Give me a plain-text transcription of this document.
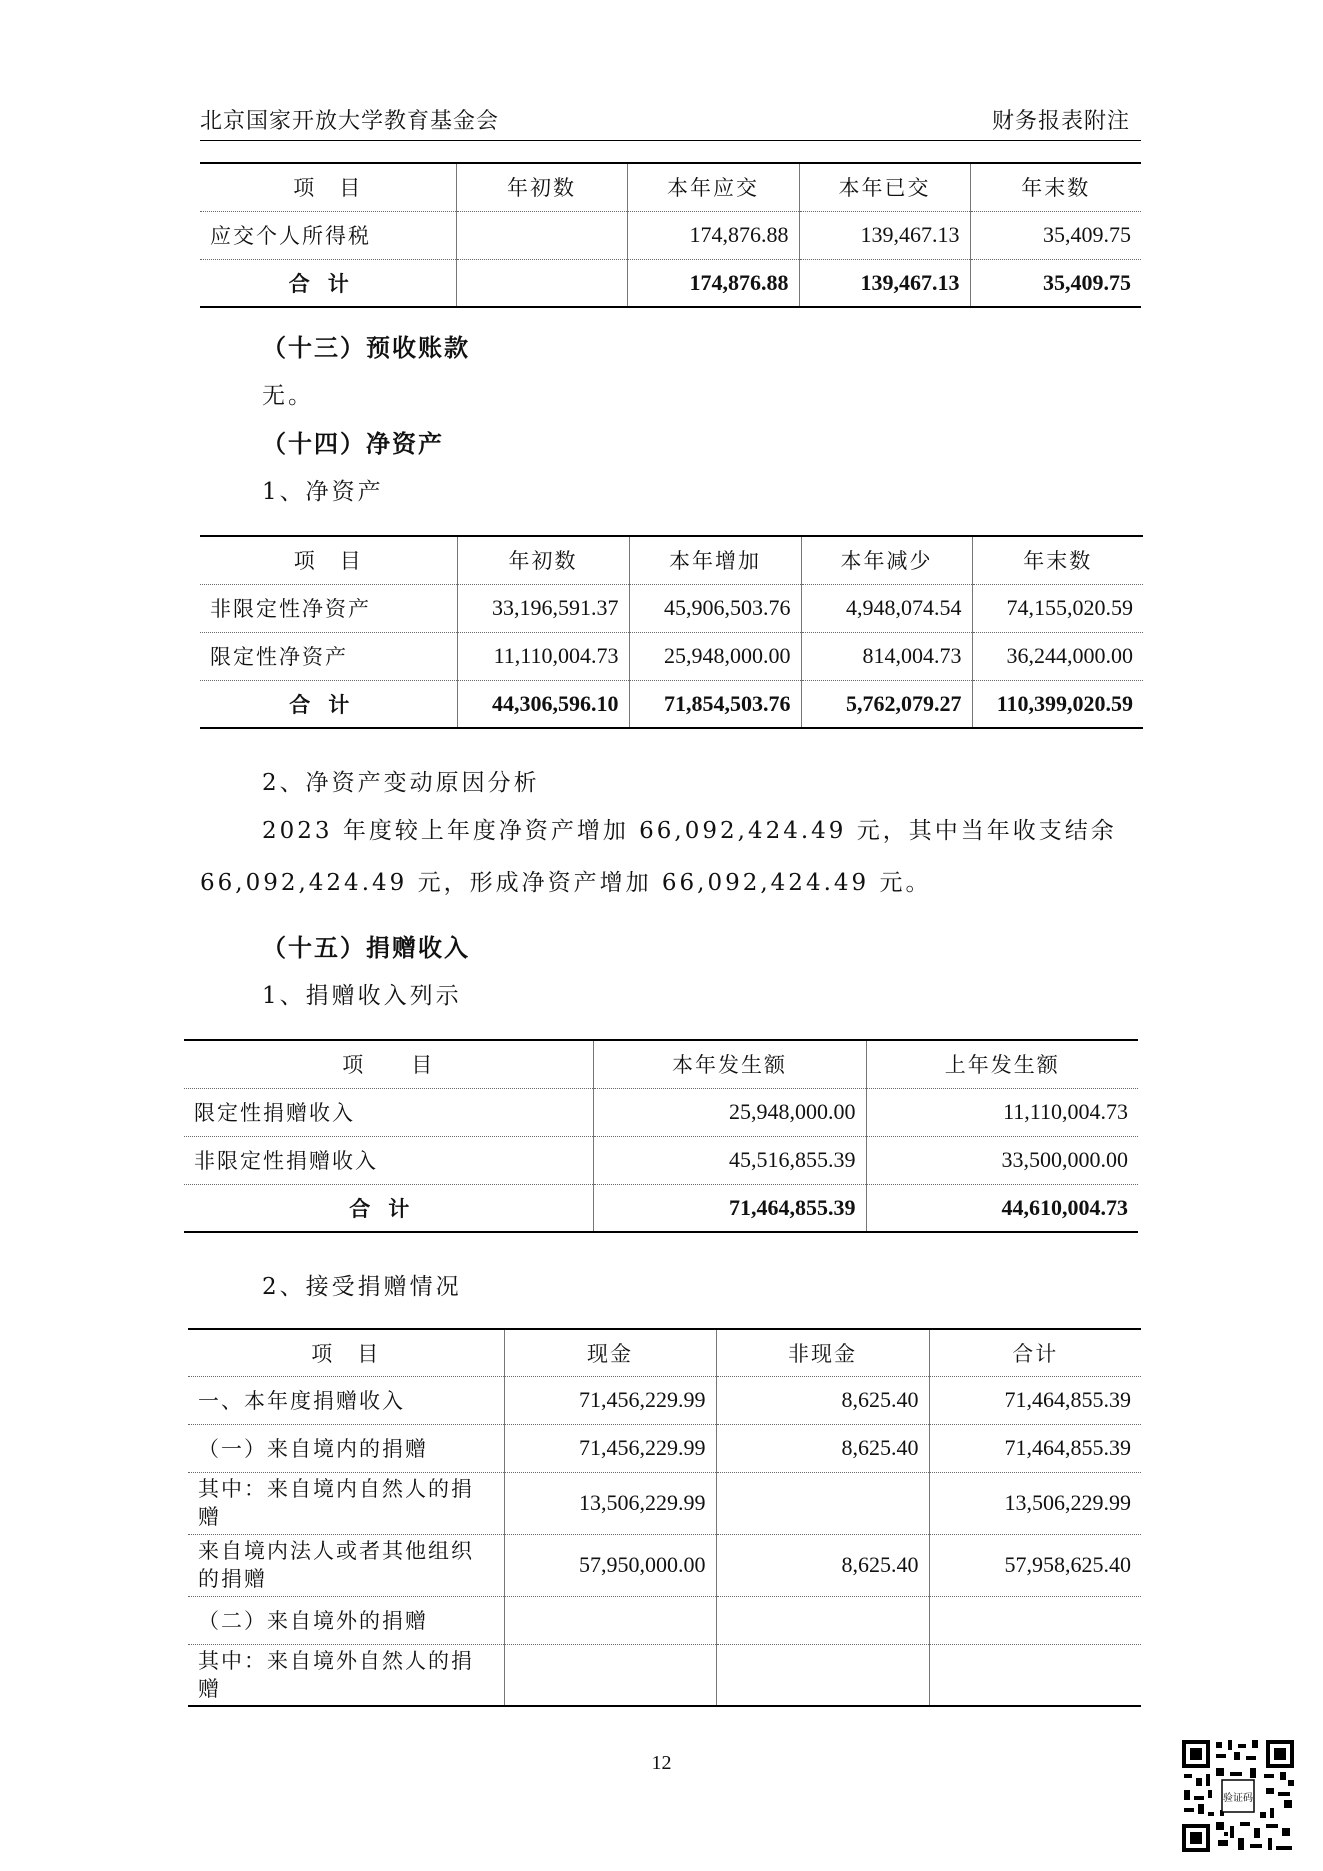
北京国家开放大学教育基金会	财务报表附注
项　目	年初数	本年应交	本年已交	年末数
应交个人所得税		174,876.88	139,467.13	35,409.75
合计		174,876.88	139,467.13	35,409.75
（十三）预收账款
无。
（十四）净资产
1、净资产
项　目	年初数	本年增加	本年减少	年末数
非限定性净资产	33,196,591.37	45,906,503.76	4,948,074.54	74,155,020.59
限定性净资产	11,110,004.73	25,948,000.00	814,004.73	36,244,000.00
合计	44,306,596.10	71,854,503.76	5,762,079.27	110,399,020.59
2、净资产变动原因分析
2023 年度较上年度净资产增加 66,092,424.49 元，其中当年收支结余
66,092,424.49 元，形成净资产增加 66,092,424.49 元。
（十五）捐赠收入
1、捐赠收入列示
项　　目	本年发生额	上年发生额
限定性捐赠收入	25,948,000.00	11,110,004.73
非限定性捐赠收入	45,516,855.39	33,500,000.00
合计	71,464,855.39	44,610,004.73
2、接受捐赠情况
项　目	现金	非现金	合计
一、本年度捐赠收入	71,456,229.99	8,625.40	71,464,855.39
（一）来自境内的捐赠	71,456,229.99	8,625.40	71,464,855.39
其中：来自境内自然人的捐赠	13,506,229.99		13,506,229.99
来自境内法人或者其他组织的捐赠	57,950,000.00	8,625.40	57,958,625.40
（二）来自境外的捐赠			
其中：来自境外自然人的捐赠			
12
验证码
